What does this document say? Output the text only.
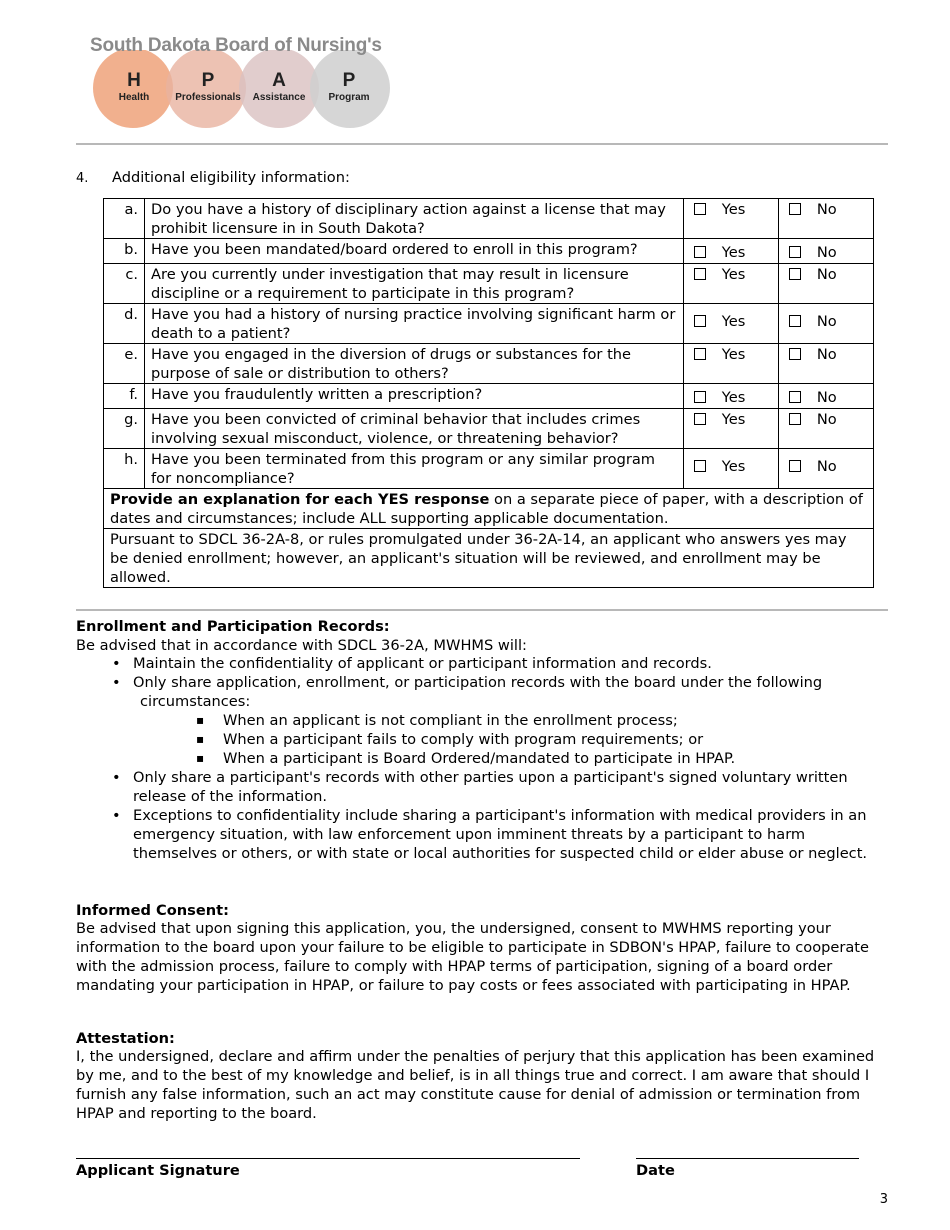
South Dakota Board of Nursing's
H
Health
P
Professionals
A
Assistance
P
Program
4. Additional eligibility information:
a.	Do you have a history of disciplinary action against a license that may prohibit licensure in in South Dakota?	Yes	No
b.	Have you been mandated/board ordered to enroll in this program?	Yes	No
c.	Are you currently under investigation that may result in licensure discipline or a requirement to participate in this program?	Yes	No
d.	Have you had a history of nursing practice involving significant harm or death to a patient?	Yes	No
e.	Have you engaged in the diversion of drugs or substances for the purpose of sale or distribution to others?	Yes	No
f.	Have you fraudulently written a prescription?	Yes	No
g.	Have you been convicted of criminal behavior that includes crimes involving sexual misconduct, violence, or threatening behavior?	Yes	No
h.	Have you been terminated from this program or any similar program for noncompliance?	Yes	No
Provide an explanation for each YES response on a separate piece of paper, with a description of dates and circumstances; include ALL supporting applicable documentation.			
Pursuant to SDCL 36-2A-8, or rules promulgated under 36-2A-14, an applicant who answers yes may be denied enrollment; however, an applicant's situation will be reviewed, and enrollment may be allowed.			
Enrollment and Participation Records:
Be advised that in accordance with SDCL 36-2A, MWHMS will:
• Maintain the confidentiality of applicant or participant information and records.
• Only share application, enrollment, or participation records with the board under the following

circumstances:
▪ When an applicant is not compliant in the enrollment process;
▪ When a participant fails to comply with program requirements; or
▪ When a participant is Board Ordered/mandated to participate in HPAP.
• Only share a participant's records with other parties upon a participant's signed voluntary written release of the information.
• Exceptions to confidentiality include sharing a participant's information with medical providers in an emergency situation, with law enforcement upon imminent threats by a participant to harm themselves or others, or with state or local authorities for suspected child or elder abuse or neglect.
Informed Consent:
Be advised that upon signing this application, you, the undersigned, consent to MWHMS reporting your information to the board upon your failure to be eligible to participate in SDBON's HPAP, failure to cooperate with the admission process, failure to comply with HPAP terms of participation, signing of a board order mandating your participation in HPAP, or failure to pay costs or fees associated with participating in HPAP.
Attestation:
I, the undersigned, declare and affirm under the penalties of perjury that this application has been examined by me, and to the best of my knowledge and belief, is in all things true and correct. I am aware that should I furnish any false information, such an act may constitute cause for denial of admission or termination from HPAP and reporting to the board.
Applicant Signature	Date
3
